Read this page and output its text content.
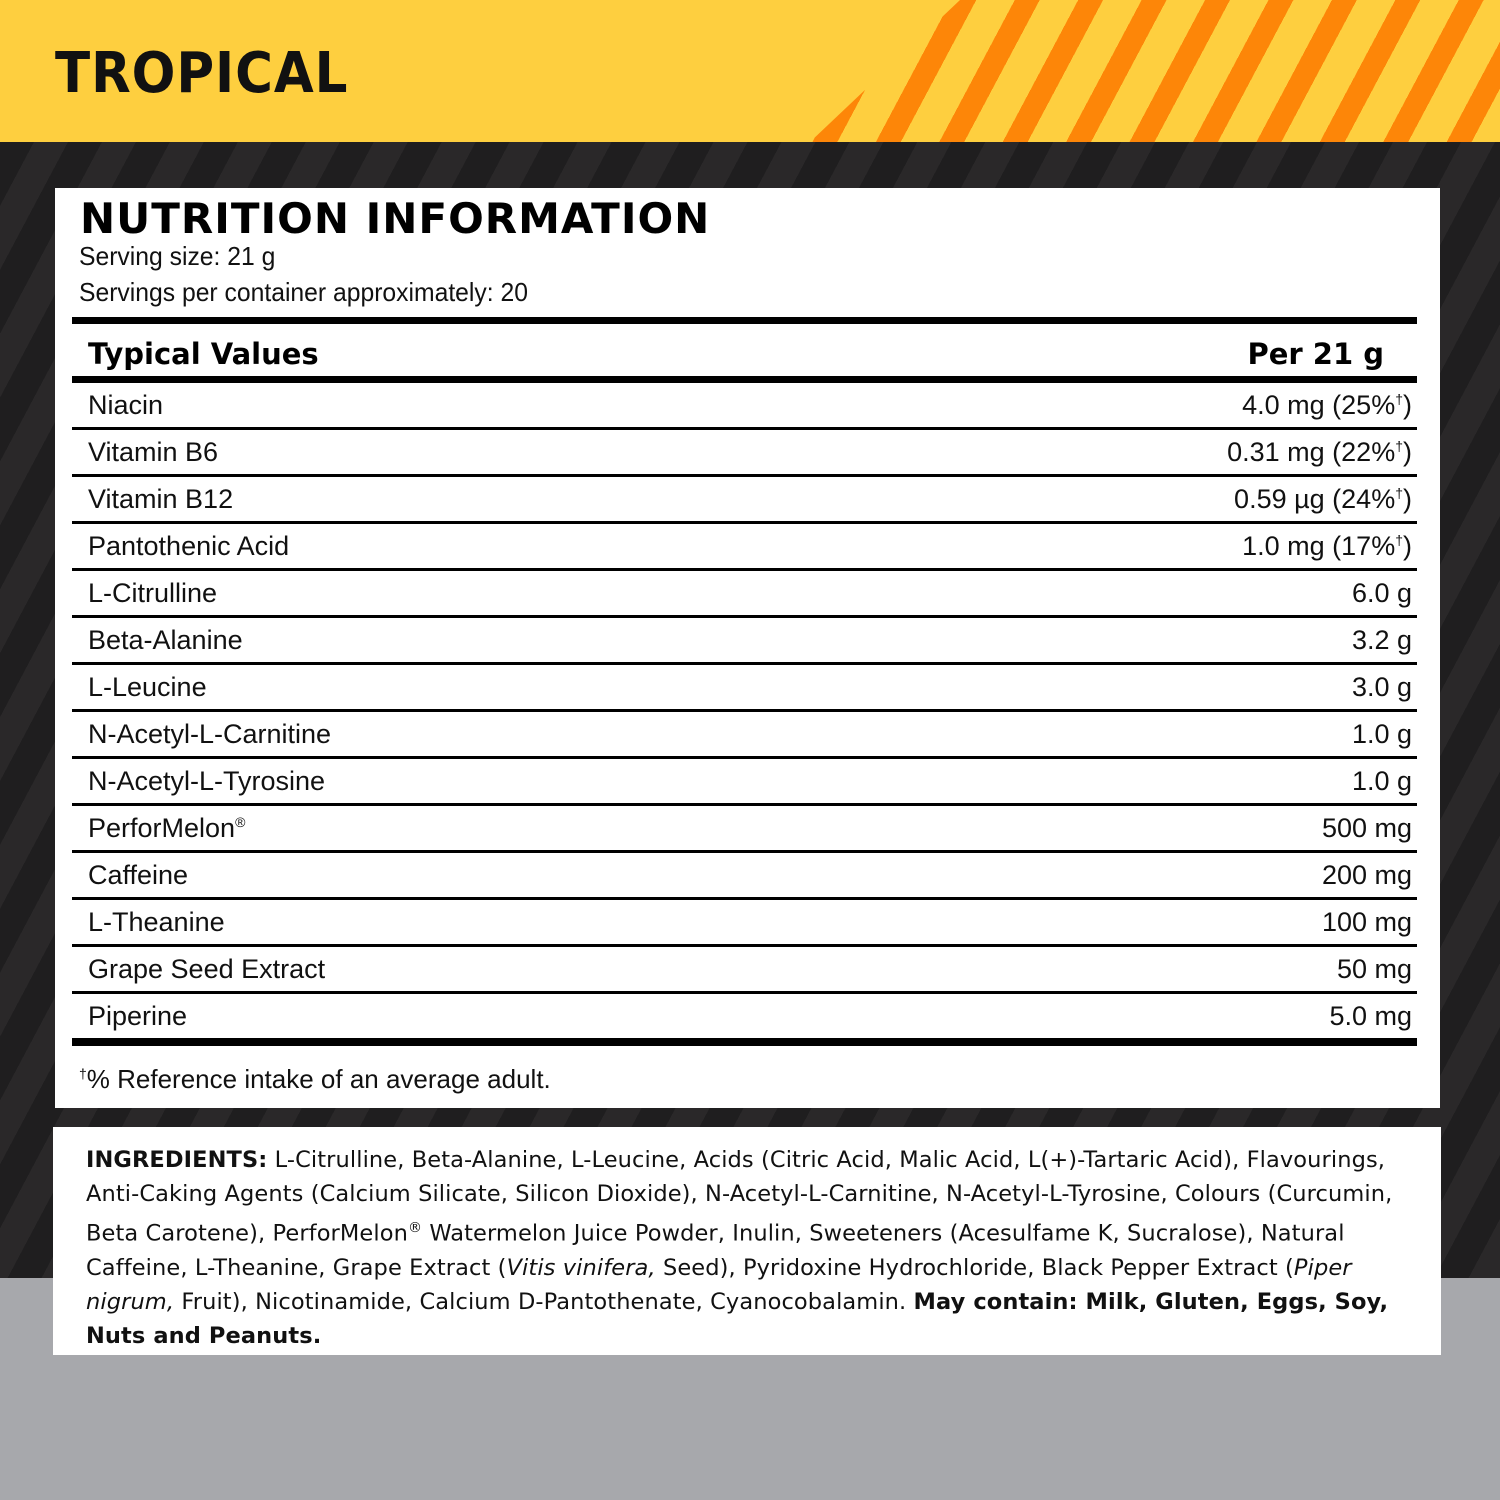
TROPICAL
NUTRITION INFORMATION
Serving size: 21 g
Servings per container approximately: 20
Typical Values	Per 21 g
Niacin	4.0 mg (25%†)
Vitamin B6	0.31 mg (22%†)
Vitamin B12	0.59 µg (24%†)
Pantothenic Acid	1.0 mg (17%†)
L-Citrulline	6.0 g
Beta-Alanine	3.2 g
L-Leucine	3.0 g
N-Acetyl-L-Carnitine	1.0 g
N-Acetyl-L-Tyrosine	1.0 g
PerforMelon®	500 mg
Caffeine	200 mg
L-Theanine	100 mg
Grape Seed Extract	50 mg
Piperine	5.0 mg
†% Reference intake of an average adult.

INGREDIENTS: L-Citrulline, Beta-Alanine, L-Leucine, Acids (Citric Acid, Malic Acid, L(+)-Tartaric Acid), Flavourings, Anti-Caking Agents (Calcium Silicate, Silicon Dioxide), N-Acetyl-L-Carnitine, N-Acetyl-L-Tyrosine, Colours (Curcumin, Beta Carotene), PerforMelon® Watermelon Juice Powder, Inulin, Sweeteners (Acesulfame K, Sucralose), Natural Caffeine, L-Theanine, Grape Extract (Vitis vinifera, Seed), Pyridoxine Hydrochloride, Black Pepper Extract (Piper nigrum, Fruit), Nicotinamide, Calcium D-Pantothenate, Cyanocobalamin. May contain: Milk, Gluten, Eggs, Soy, Nuts and Peanuts.
